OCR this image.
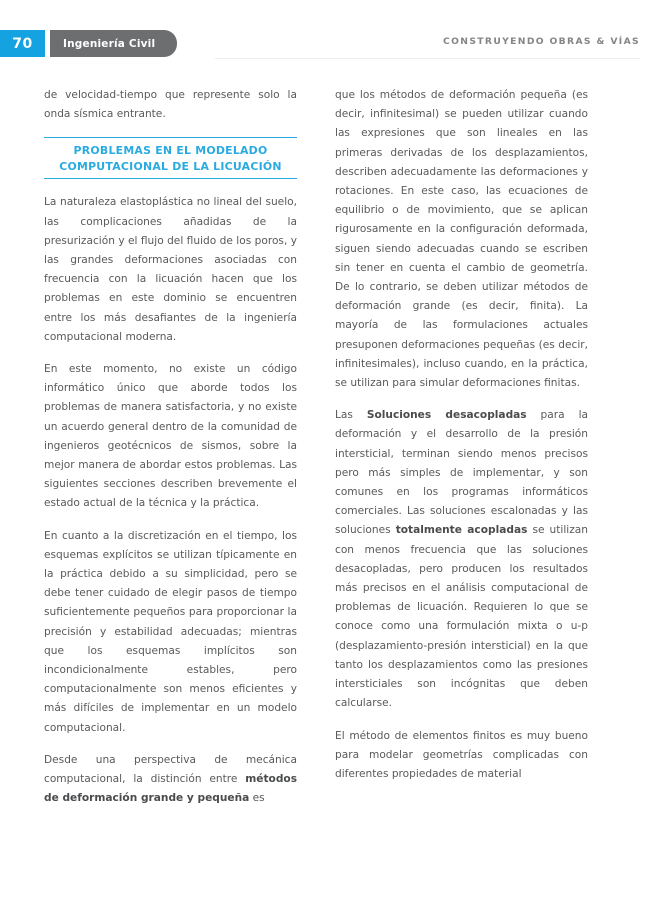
70	Ingeniería Civil	CONSTRUYENDO OBRAS & VÍAS

de velocidad-tiempo que represente solo la onda sísmica entrante.

PROBLEMAS EN EL MODELADO
COMPUTACIONAL DE LA LICUACIÓN

La naturaleza elastoplástica no lineal del suelo, las complicaciones añadidas de la presurización y el flujo del fluido de los poros, y las grandes deformaciones asociadas con frecuencia con la licuación hacen que los problemas en este dominio se encuentren entre los más desafiantes de la ingeniería computacional moderna.

En este momento, no existe un código informático único que aborde todos los problemas de manera satisfactoria, y no existe un acuerdo general dentro de la comunidad de ingenieros geotécnicos de sismos, sobre la mejor manera de abordar estos problemas. Las siguientes secciones describen brevemente el estado actual de la técnica y la práctica.

En cuanto a la discretización en el tiempo, los esquemas explícitos se utilizan típicamente en la práctica debido a su simplicidad, pero se debe tener cuidado de elegir pasos de tiempo suficientemente pequeños para proporcionar la precisión y estabilidad adecuadas; mientras que los esquemas implícitos son incondicionalmente estables, pero computacionalmente son menos eficientes y más difíciles de implementar en un modelo computacional.

Desde una perspectiva de mecánica computacional, la distinción entre métodos de deformación grande y pequeña es

que los métodos de deformación pequeña (es decir, infinitesimal) se pueden utilizar cuando las expresiones que son lineales en las primeras derivadas de los desplazamientos, describen adecuadamente las deformaciones y rotaciones. En este caso, las ecuaciones de equilibrio o de movimiento, que se aplican rigurosamente en la configuración deformada, siguen siendo adecuadas cuando se escriben sin tener en cuenta el cambio de geometría. De lo contrario, se deben utilizar métodos de deformación grande (es decir, finita). La mayoría de las formulaciones actuales presuponen deformaciones pequeñas (es decir, infinitesimales), incluso cuando, en la práctica, se utilizan para simular deformaciones finitas.

Las Soluciones desacopladas para la deformación y el desarrollo de la presión intersticial, terminan siendo menos precisos pero más simples de implementar, y son comunes en los programas informáticos comerciales. Las soluciones escalonadas y las soluciones totalmente acopladas se utilizan con menos frecuencia que las soluciones desacopladas, pero producen los resultados más precisos en el análisis computacional de problemas de licuación. Requieren lo que se conoce como una formulación mixta o u-p (desplazamiento-presión intersticial) en la que tanto los desplazamientos como las presiones intersticiales son incógnitas que deben calcularse.

El método de elementos finitos es muy bueno para modelar geometrías complicadas con diferentes propiedades de material
